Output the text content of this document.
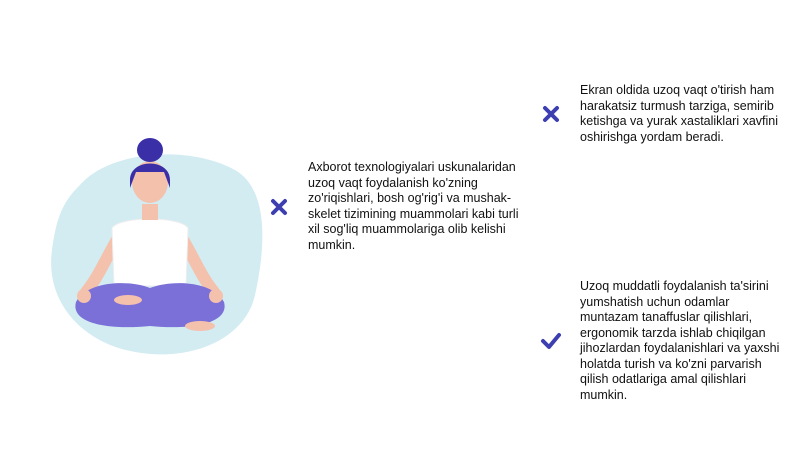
Axborot texnologiyalari uskunalaridan uzoq vaqt foydalanish ko'zning zo'riqishlari, bosh og'rig'i va mushak-skelet tizimining muammolari kabi turli xil sog'liq muammolariga olib kelishi mumkin.
Ekran oldida uzoq vaqt o'tirish ham harakatsiz turmush tarziga, semirib ketishga va yurak xastaliklari xavfini oshirishga yordam beradi.
Uzoq muddatli foydalanish ta'sirini yumshatish uchun odamlar muntazam tanaffuslar qilishlari, ergonomik tarzda ishlab chiqilgan jihozlardan foydalanishlari va yaxshi holatda turish va ko'zni parvarish qilish odatlariga amal qilishlari mumkin.
